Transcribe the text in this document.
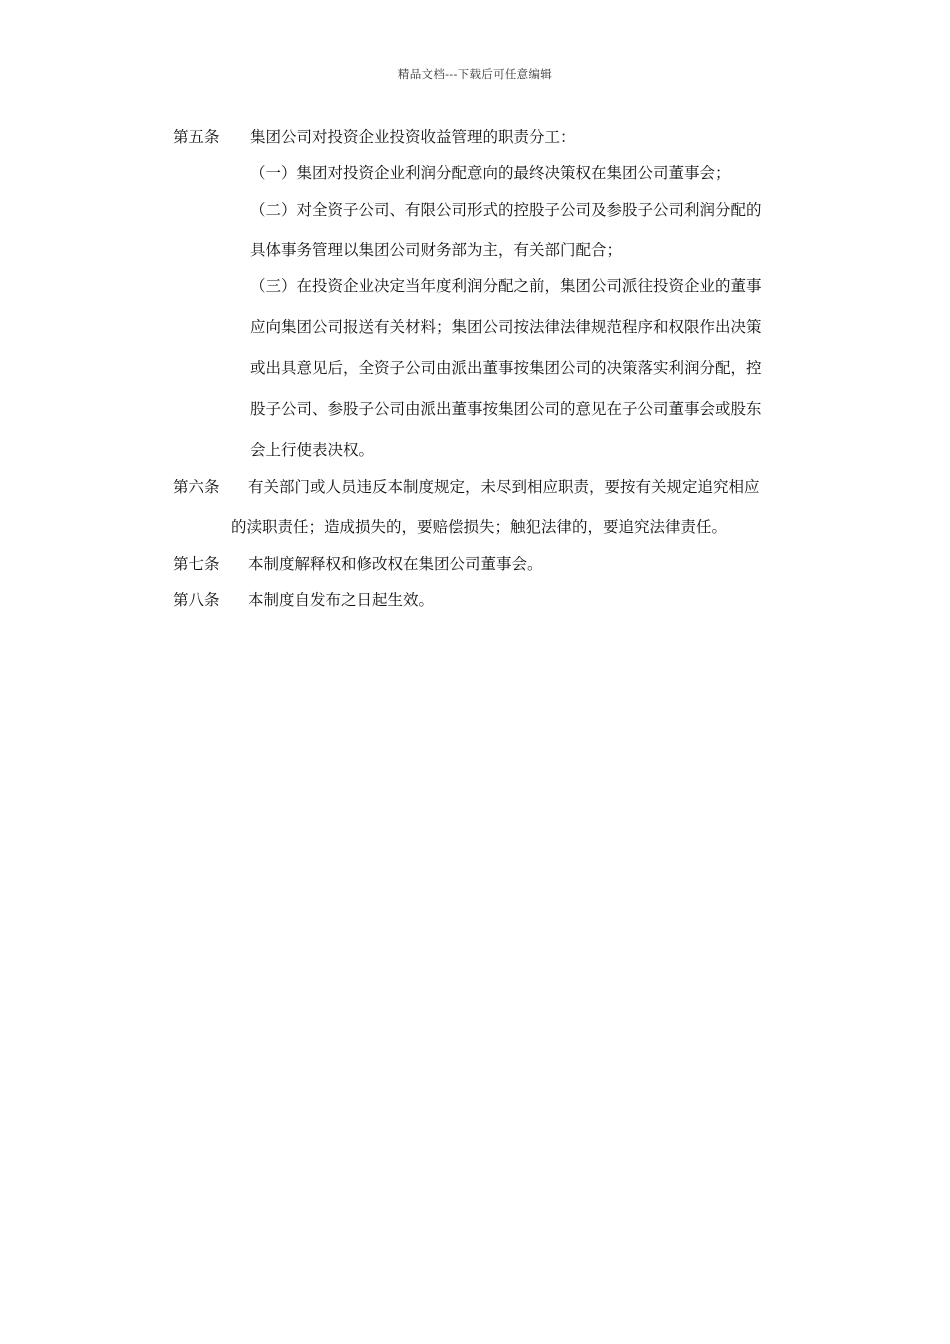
精品文档---下载后可任意编辑
第五条 集团公司对投资企业投资收益管理的职责分工：
（一）集团对投资企业利润分配意向的最终决策权在集团公司董事会；
（二）对全资子公司、有限公司形式的控股子公司及参股子公司利润分配的
具体事务管理以集团公司财务部为主，有关部门配合；
（三）在投资企业决定当年度利润分配之前，集团公司派往投资企业的董事
应向集团公司报送有关材料；集团公司按法律法律规范程序和权限作出决策
或出具意见后，全资子公司由派出董事按集团公司的决策落实利润分配，控
股子公司、参股子公司由派出董事按集团公司的意见在子公司董事会或股东
会上行使表决权。
第六条 有关部门或人员违反本制度规定，未尽到相应职责，要按有关规定追究相应
的渎职责任；造成损失的，要赔偿损失；触犯法律的，要追究法律责任。
第七条 本制度解释权和修改权在集团公司董事会。
第八条 本制度自发布之日起生效。
